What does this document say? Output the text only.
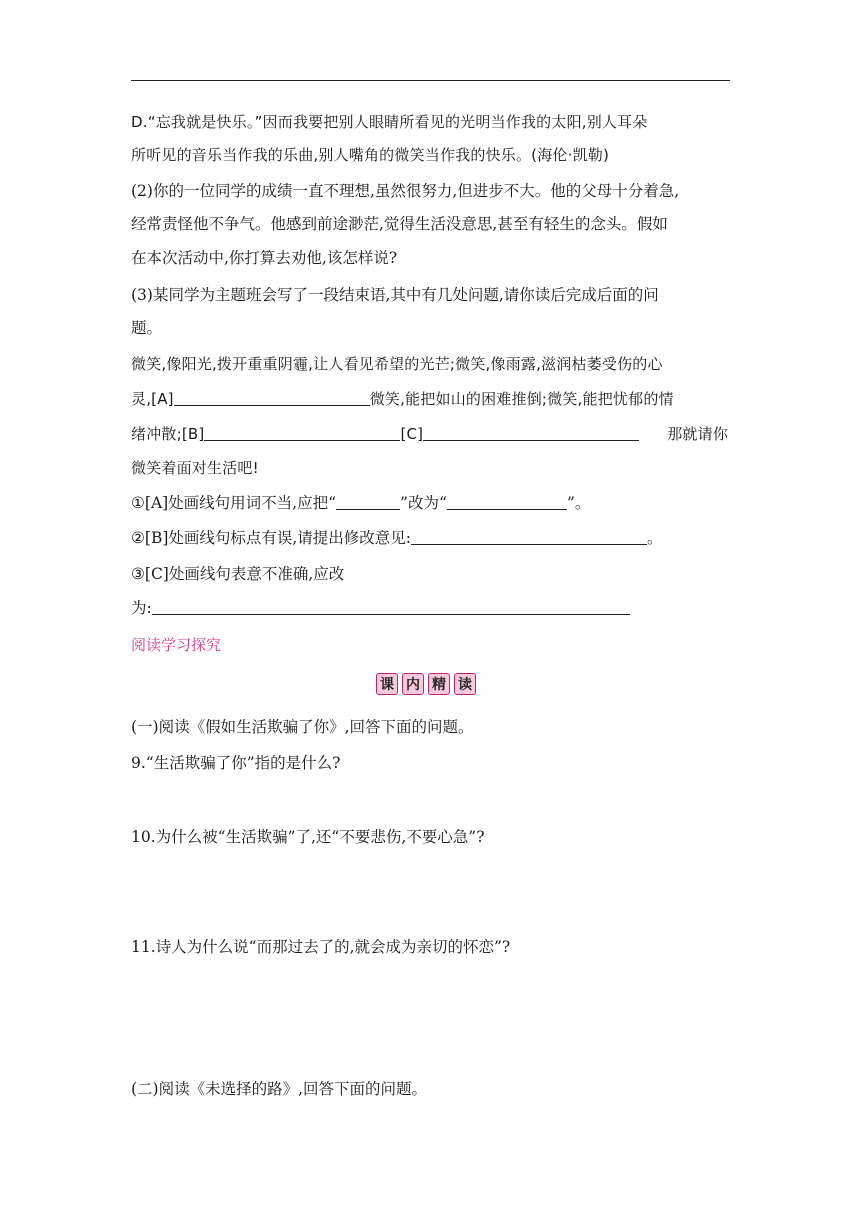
D.“忘我就是快乐。”因而我要把别人眼睛所看见的光明当作我的太阳,别人耳朵
所听见的音乐当作我的乐曲,别人嘴角的微笑当作我的快乐。(海伦·凯勒)
(2)你的一位同学的成绩一直不理想,虽然很努力,但进步不大。他的父母十分着急,
经常责怪他不争气。他感到前途渺茫,觉得生活没意思,甚至有轻生的念头。假如
在本次活动中,你打算去劝他,该怎样说?
(3)某同学为主题班会写了一段结束语,其中有几处问题,请你读后完成后面的问
题。
微笑,像阳光,拨开重重阴霾,让人看见希望的光芒;微笑,像雨露,滋润枯萎受伤的心
灵,[A]	微笑,能把如山的困难推倒;微笑,能把忧郁的情
绪冲散;[B]	[C]	那就请你
微笑着面对生活吧!
①[A]处画线句用词不当,应把“	”改为“	”。
②[B]处画线句标点有误,请提出修改意见:	。
③[C]处画线句表意不准确,应改
为:
阅读学习探究
课 内 精 读
(一)阅读《假如生活欺骗了你》,回答下面的问题。
9.“生活欺骗了你”指的是什么?
10.为什么被“生活欺骗”了,还“不要悲伤,不要心急”?
11.诗人为什么说“而那过去了的,就会成为亲切的怀恋”?
(二)阅读《未选择的路》,回答下面的问题。
